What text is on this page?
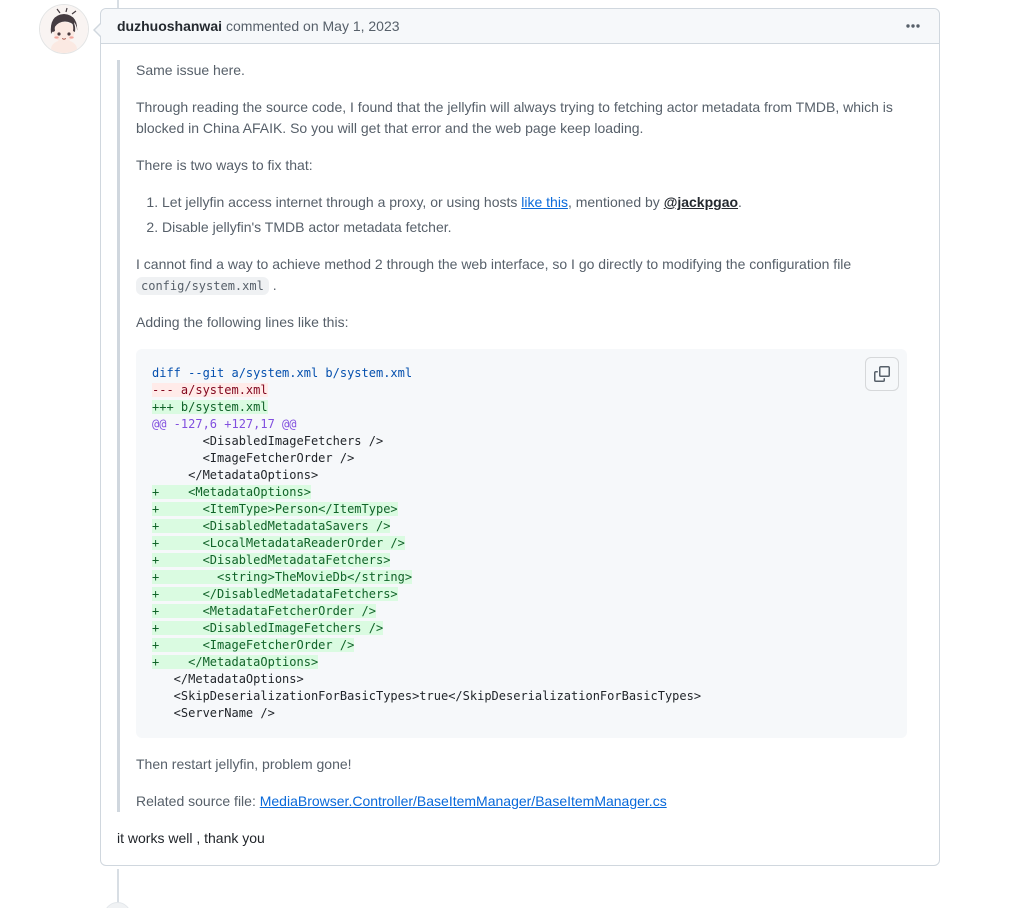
duzhuoshanwai commented on May 1, 2023

Same issue here.

Through reading the source code, I found that the jellyfin will always trying to fetching actor metadata from TMDB, which is blocked in China AFAIK. So you will get that error and the web page keep loading.

There is two ways to fix that:

1. Let jellyfin access internet through a proxy, or using hosts like this, mentioned by @jackpgao.
2. Disable jellyfin's TMDB actor metadata fetcher.

I cannot find a way to achieve method 2 through the web interface, so I go directly to modifying the configuration file config/system.xml .

Adding the following lines like this:

diff --git a/system.xml b/system.xml
--- a/system.xml
+++ b/system.xml
@@ -127,6 +127,17 @@
<DisabledImageFetchers />
<ImageFetcherOrder />
</MetadataOptions>
+    <MetadataOptions>
+      <ItemType>Person</ItemType>
+      <DisabledMetadataSavers />
+      <LocalMetadataReaderOrder />
+      <DisabledMetadataFetchers>
+        <string>TheMovieDb</string>
+      </DisabledMetadataFetchers>
+      <MetadataFetcherOrder />
+      <DisabledImageFetchers />
+      <ImageFetcherOrder />
+    </MetadataOptions>
</MetadataOptions>
<SkipDeserializationForBasicTypes>true</SkipDeserializationForBasicTypes>
<ServerName />

Then restart jellyfin, problem gone!

Related source file: MediaBrowser.Controller/BaseItemManager/BaseItemManager.cs

it works well , thank you
